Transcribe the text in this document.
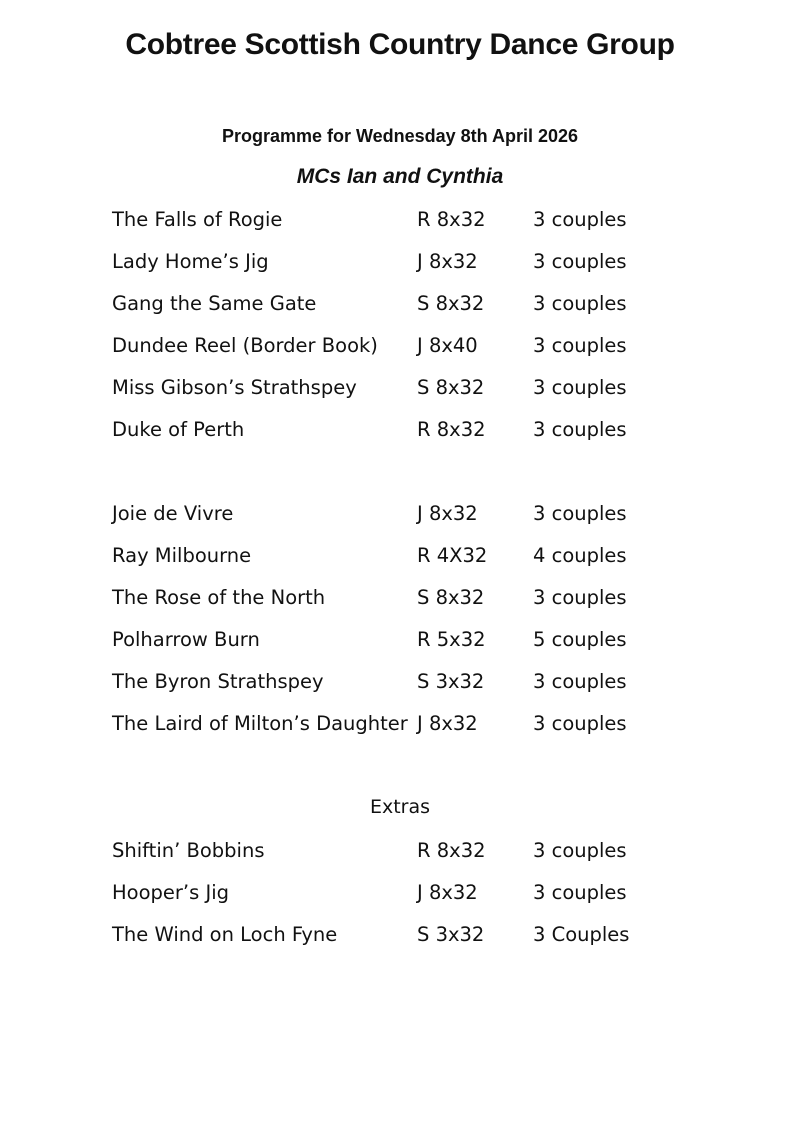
Cobtree Scottish Country Dance Group
Programme for Wednesday 8th April 2026
MCs Ian and Cynthia
The Falls of Rogie	R 8x32 3 couples
Lady Home’s Jig	J 8x32	3 couples
Gang the Same Gate	S 8x32 3 couples
Dundee Reel (Border Book) J 8x40	3 couples
Miss Gibson’s Strathspey	S 8x32 3 couples
Duke of Perth	R 8x32 3 couples
Joie de Vivre	J 8x32	3 couples
Ray Milbourne	R 4X32 4 couples
The Rose of the North	S 8x32 3 couples
Polharrow Burn	R 5x32 5 couples
The Byron Strathspey	S 3x32 3 couples
The Laird of Milton’s Daughter J 8x32	3 couples
Extras
Shiftin’ Bobbins	R 8x32 3 couples
Hooper’s Jig	J 8x32	3 couples
The Wind on Loch Fyne	S 3x32 3 Couples
